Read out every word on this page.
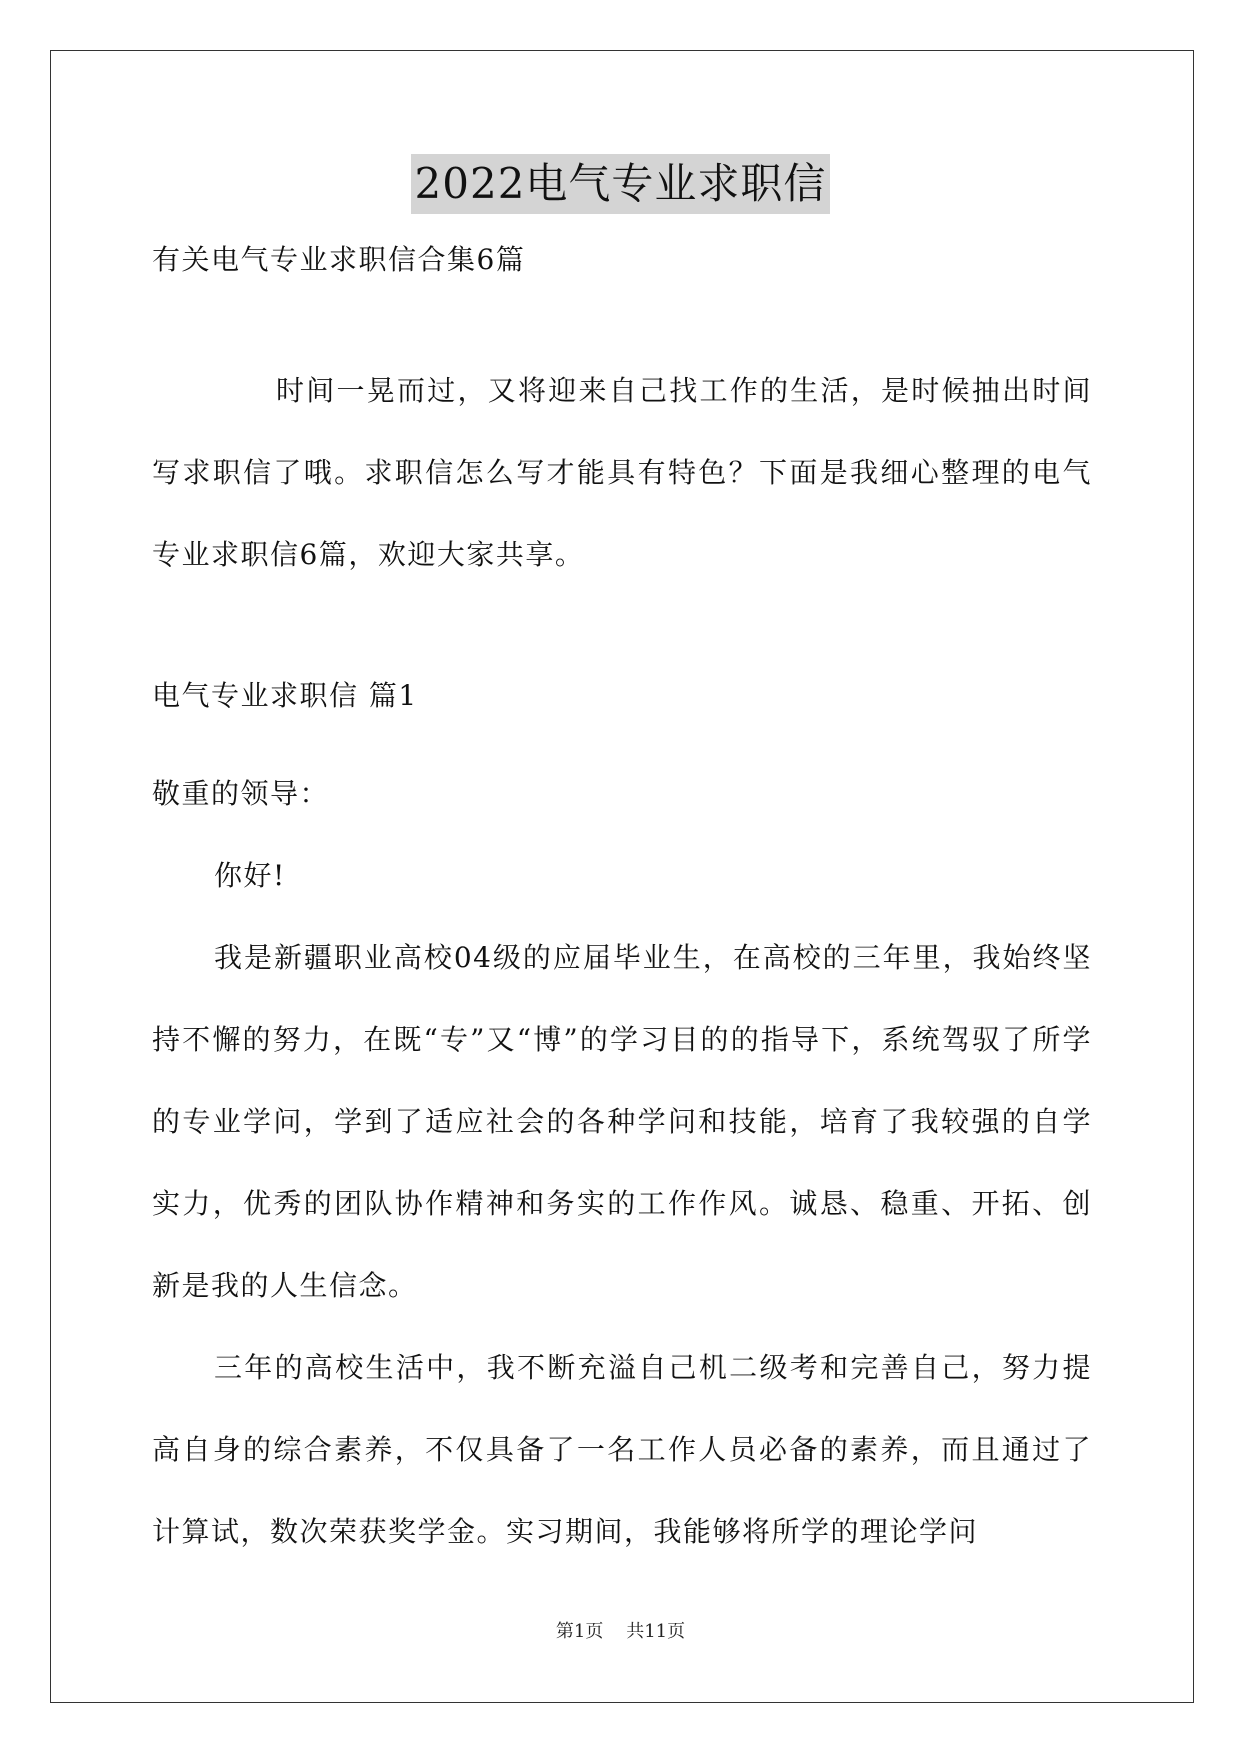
2022电气专业求职信
有关电气专业求职信合集6篇

时间一晃而过，又将迎来自己找工作的生活，是时候抽出时间写求职信了哦。求职信怎么写才能具有特色？下面是我细心整理的电气专业求职信6篇，欢迎大家共享。

电气专业求职信 篇1

敬重的领导：

你好!

我是新疆职业高校04级的应届毕业生，在高校的三年里，我始终坚持不懈的努力，在既“专”又“博”的学习目的的指导下，系统驾驭了所学的专业学问，学到了适应社会的各种学问和技能，培育了我较强的自学实力，优秀的团队协作精神和务实的工作作风。诚恳、稳重、开拓、创新是我的人生信念。

三年的高校生活中，我不断充溢自己机二级考和完善自己，努力提高自身的综合素养，不仅具备了一名工作人员必备的素养，而且通过了计算试，数次荣获奖学金。实习期间，我能够将所学的理论学问

第1页 共11页
